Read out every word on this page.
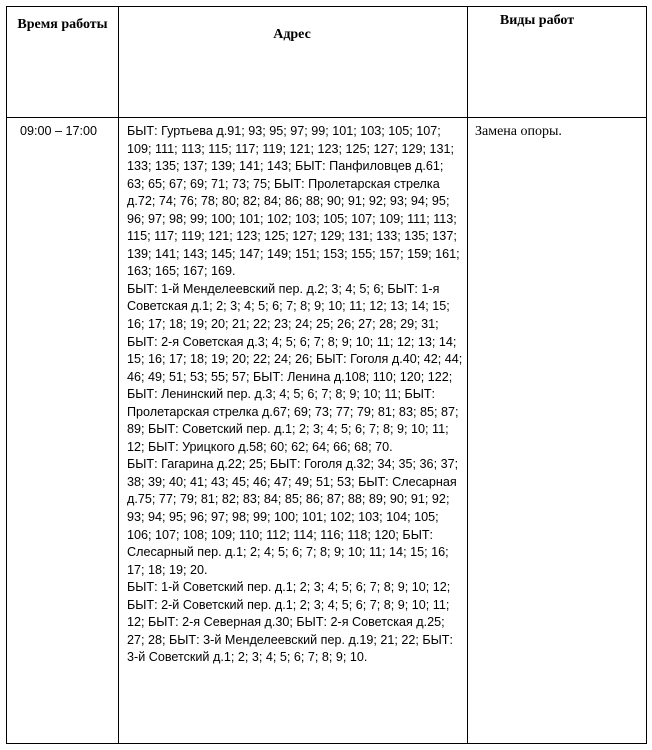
Время работы	Адрес	Виды работ

09:00 – 17:00	БЫТ: Гуртьева д.91; 93; 95; 97; 99; 101; 103; 105; 107; 109; 111; 113; 115; 117; 119; 121; 123; 125; 127; 129; 131; 133; 135; 137; 139; 141; 143; БЫТ: Панфиловцев д.61; 63; 65; 67; 69; 71; 73; 75; БЫТ: Пролетарская стрелка д.72; 74; 76; 78; 80; 82; 84; 86; 88; 90; 91; 92; 93; 94; 95; 96; 97; 98; 99; 100; 101; 102; 103; 105; 107; 109; 111; 113; 115; 117; 119; 121; 123; 125; 127; 129; 131; 133; 135; 137; 139; 141; 143; 145; 147; 149; 151; 153; 155; 157; 159; 161; 163; 165; 167; 169.

БЫТ: 1-й Менделеевский пер. д.2; 3; 4; 5; 6; БЫТ: 1-я Советская д.1; 2; 3; 4; 5; 6; 7; 8; 9; 10; 11; 12; 13; 14; 15; 16; 17; 18; 19; 20; 21; 22; 23; 24; 25; 26; 27; 28; 29; 31; БЫТ: 2-я Советская д.3; 4; 5; 6; 7; 8; 9; 10; 11; 12; 13; 14; 15; 16; 17; 18; 19; 20; 22; 24; 26; БЫТ: Гоголя д.40; 42; 44; 46; 49; 51; 53; 55; 57; БЫТ: Ленина д.108; 110; 120; 122; БЫТ: Ленинский пер. д.3; 4; 5; 6; 7; 8; 9; 10; 11; БЫТ: Пролетарская стрелка д.67; 69; 73; 77; 79; 81; 83; 85; 87; 89; БЫТ: Советский пер. д.1; 2; 3; 4; 5; 6; 7; 8; 9; 10; 11; 12; БЫТ: Урицкого д.58; 60; 62; 64; 66; 68; 70.

БЫТ: Гагарина д.22; 25; БЫТ: Гоголя д.32; 34; 35; 36; 37; 38; 39; 40; 41; 43; 45; 46; 47; 49; 51; 53; БЫТ: Слесарная д.75; 77; 79; 81; 82; 83; 84; 85; 86; 87; 88; 89; 90; 91; 92; 93; 94; 95; 96; 97; 98; 99; 100; 101; 102; 103; 104; 105; 106; 107; 108; 109; 110; 112; 114; 116; 118; 120; БЫТ: Слесарный пер. д.1; 2; 4; 5; 6; 7; 8; 9; 10; 11; 14; 15; 16; 17; 18; 19; 20.

БЫТ: 1-й Советский пер. д.1; 2; 3; 4; 5; 6; 7; 8; 9; 10; 12; БЫТ: 2-й Советский пер. д.1; 2; 3; 4; 5; 6; 7; 8; 9; 10; 11; 12; БЫТ: 2-я Северная д.30; БЫТ: 2-я Советская д.25; 27; 28; БЫТ: 3-й Менделеевский пер. д.19; 21; 22; БЫТ: 3-й Советский д.1; 2; 3; 4; 5; 6; 7; 8; 9; 10.	Замена опоры.
